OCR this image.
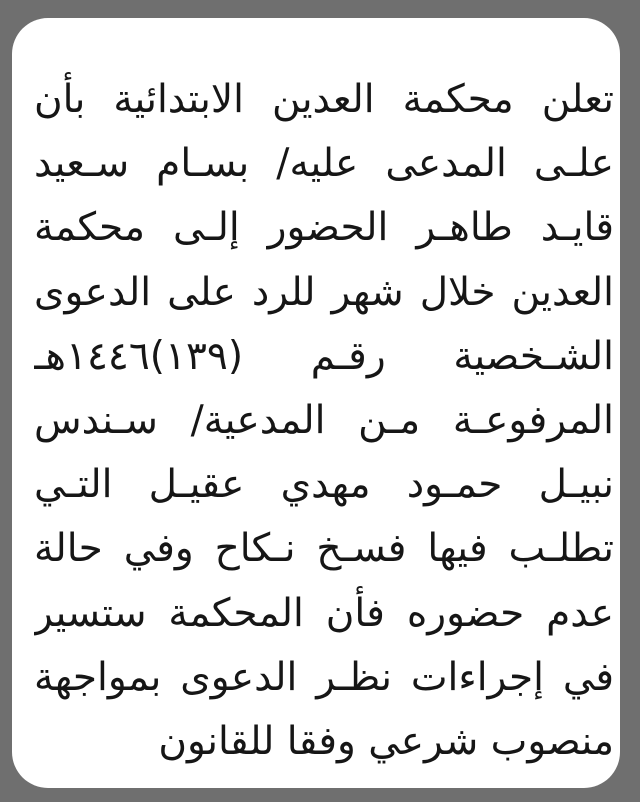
تعلن محكمة العدين الابتدائية بأن
علـى المدعى عليه/ بسـام سـعيد
قايـد طاهـر الحضور إلـى محكمة
العدين خلال شهر للرد على الدعوى
الشـخصية رقـم (١٣٩)١٤٤٦هـ
المرفوعـة مـن المدعية/ سـندس
نبيـل حمـود مهدي عقيـل التـي
تطلـب فيها فسـخ نـكاح وفي حالة
عدم حضوره فأن المحكمة ستسير
في إجراءات نظـر الدعوى بمواجهة
منصوب شرعي وفقا للقانون
